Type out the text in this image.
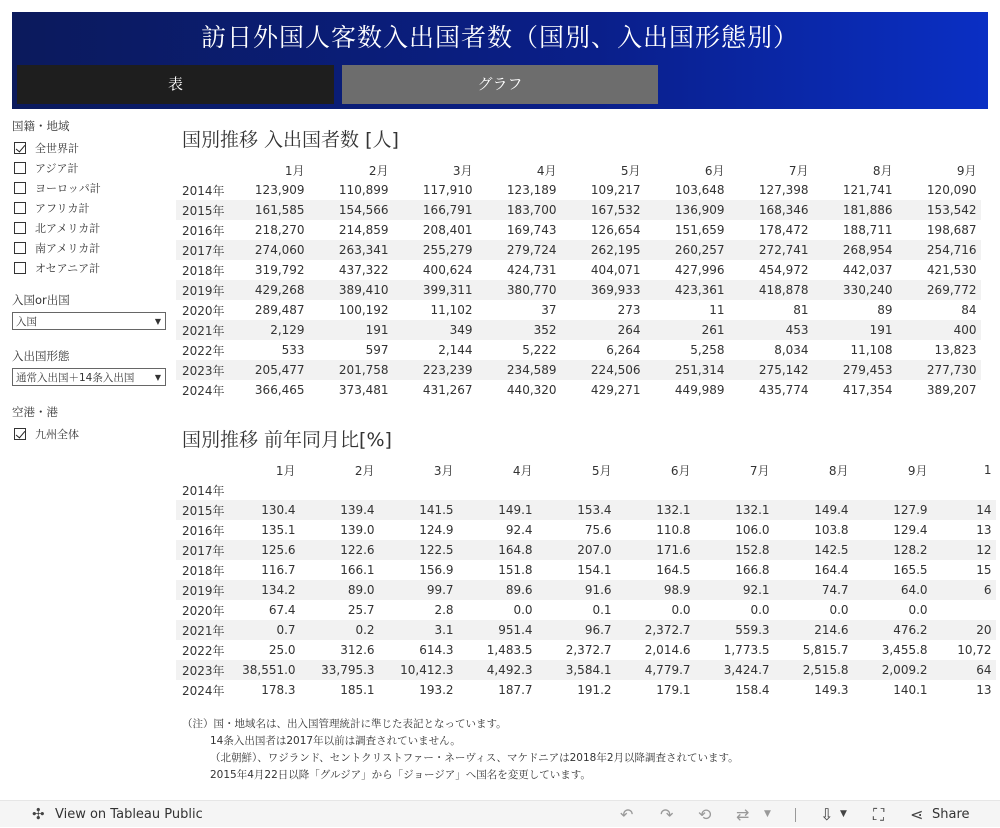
訪日外国人客数入出国者数（国別、入出国形態別）
表	グラフ
国籍・地域
全世界計
アジア計
ヨーロッパ計
アフリカ計
北アメリカ計
南アメリカ計
オセアニア計
入国or出国
入国	▼
入出国形態
通常入出国＋14条入出国	▼
空港・港
九州全体
国別推移 入出国者数 [人]
	1月	2月	3月	4月	5月	6月	7月	8月	9月
2014年	123,909	110,899	117,910	123,189	109,217	103,648	127,398	121,741	120,090
2015年	161,585	154,566	166,791	183,700	167,532	136,909	168,346	181,886	153,542
2016年	218,270	214,859	208,401	169,743	126,654	151,659	178,472	188,711	198,687
2017年	274,060	263,341	255,279	279,724	262,195	260,257	272,741	268,954	254,716
2018年	319,792	437,322	400,624	424,731	404,071	427,996	454,972	442,037	421,530
2019年	429,268	389,410	399,311	380,770	369,933	423,361	418,878	330,240	269,772
2020年	289,487	100,192	11,102	37	273	11	81	89	84
2021年	2,129	191	349	352	264	261	453	191	400
2022年	533	597	2,144	5,222	6,264	5,258	8,034	11,108	13,823
2023年	205,477	201,758	223,239	234,589	224,506	251,314	275,142	279,453	277,730
2024年	366,465	373,481	431,267	440,320	429,271	449,989	435,774	417,354	389,207
国別推移 前年同月比[%]
	1月	2月	3月	4月	5月	6月	7月	8月	9月	1
2014年										
2015年	130.4	139.4	141.5	149.1	153.4	132.1	132.1	149.4	127.9	14
2016年	135.1	139.0	124.9	92.4	75.6	110.8	106.0	103.8	129.4	13
2017年	125.6	122.6	122.5	164.8	207.0	171.6	152.8	142.5	128.2	12
2018年	116.7	166.1	156.9	151.8	154.1	164.5	166.8	164.4	165.5	15
2019年	134.2	89.0	99.7	89.6	91.6	98.9	92.1	74.7	64.0	6
2020年	67.4	25.7	2.8	0.0	0.1	0.0	0.0	0.0	0.0	
2021年	0.7	0.2	3.1	951.4	96.7	2,372.7	559.3	214.6	476.2	20
2022年	25.0	312.6	614.3	1,483.5	2,372.7	2,014.6	1,773.5	5,815.7	3,455.8	10,72
2023年	38,551.0	33,795.3	10,412.3	4,492.3	3,584.1	4,779.7	3,424.7	2,515.8	2,009.2	64
2024年	178.3	185.1	193.2	187.7	191.2	179.1	158.4	149.3	140.1	13
（注）国・地域名は、出入国管理統計に準じた表記となっています。
14条入出国者は2017年以前は調査されていません。
（北朝鮮）、ワジランド、セントクリストファー・ネーヴィス、マケドニアは2018年2月以降調査されています。
2015年4月22日以降「グルジア」から「ジョージア」へ国名を変更しています。
✣ View on Tableau Public	↶ ↷ ⟲ ⇄ ▼	⇩ ▼ ⛶ ⋖ Share
